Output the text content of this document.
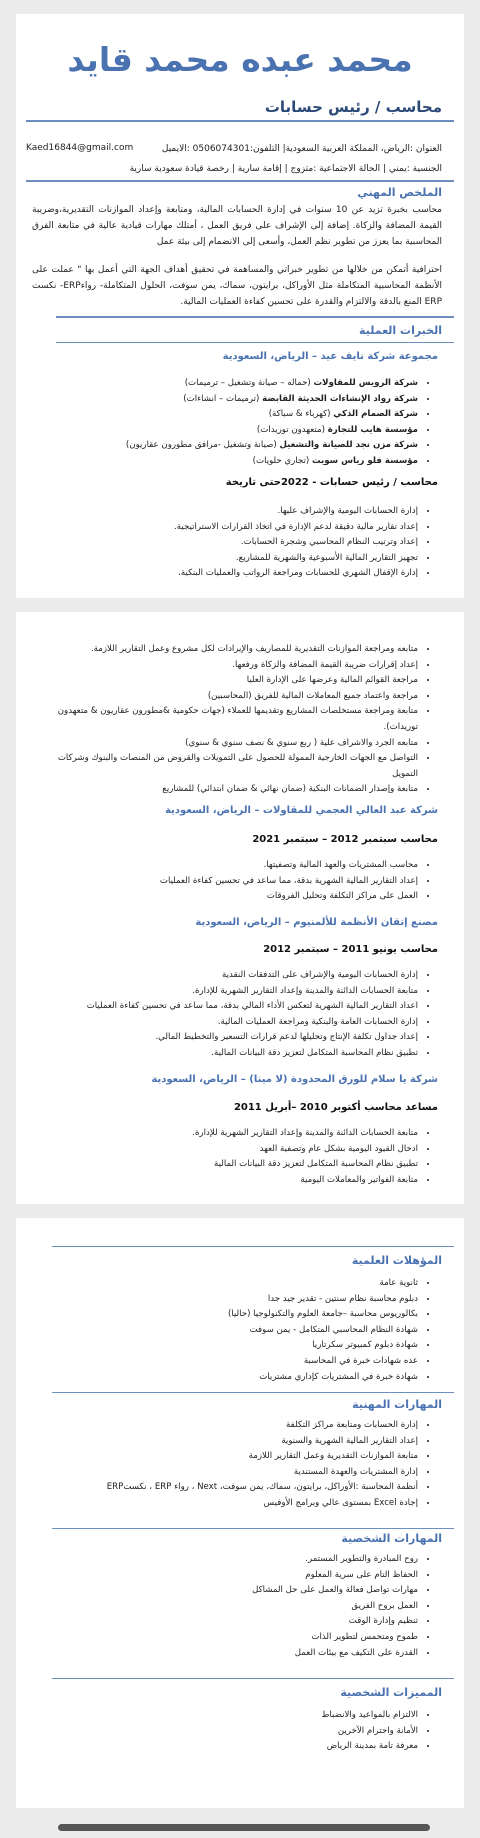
محمد عبده محمد قايد
محاسب / رئيس حسابات
العنوان :الرياض، المملكة العربية السعودية| التلفون:0506074301 :الايميل
Kaed16844@gmail.com
الجنسية :يمني | الحالة الاجتماعية :متزوج | إقامة سارية | رخصة قيادة سعودية سارية
الملخص المهني
محاسب بخبرة تزيد عن 10 سنوات في إدارة الحسابات المالية، ومتابعة وإعداد الموازنات التقديرية،وضريبة القيمة المضافة والزكاة. إضافة إلى الإشراف على فريق العمل ، أمتلك مهارات قيادية عالية في متابعة الفرق المحاسبية بما يعزز من تطوير نظم العمل، وأسعى إلى الانضمام إلى بيئة عمل
احترافية أتمكن من خلالها من تطوير خبراتي والمساهمة في تحقيق أهداف الجهة التي أعمل بها " عملت على الأنظمة المحاسبية المتكاملة مثل الأوراكل، برايتون، سماك، يمن سوفت، الحلول المتكاملة- رواءERP- نكست ERP المنع بالدقة والالتزام والقدرة على تحسين كفاءة العمليات المالية.
الخبرات العملية
مجموعة شركة نايف عيد – الرياض، السعودية
• شركة الرويس للمقاولات (حماله – صيانة وتشغيل – ترميمات)
• شركة رواد الإنشاءات الحديثة القابضة (ترميمات – انشاءات)
• شركة الصمام الذكي (كهرباء & سباكة)
• مؤسسة هايب للتجارة (متعهدون توريدات)
• شركة مزن نجد للصيانة والتشغيل (صيانة وتشغيل -مرافق مطورون عقاريون)
• مؤسسة فلو رياس سويت (تجاري حلويات)
محاسب / رئيس حسابات - 2022حتى تاريخة
• إدارة الحسابات اليومية والإشراف عليها.
• إعداد تقارير مالية دقيقة لدعم الإدارة في اتخاذ القرارات الاستراتيجية.
• إعداد وترتيب النظام المحاسبي وشجرة الحسابات.
• تجهيز التقارير المالية الأسبوعية والشهرية للمشاريع.
• إدارة الإقفال الشهري للحسابات ومراجعة الرواتب والعمليات البنكية.
• متابعه ومراجعة الموازنات التقديرية للمصاريف والإيرادات لكل مشروع وعمل التقارير اللازمة.
• إعداد إقرارات ضريبة القيمة المضافة والزكاة ورفعها.
• مراجعة القوائم المالية وعرضها على الإدارة العليا
• مراجعة واعتماد جميع المعاملات المالية للفريق (المحاسبين)
• متابعة ومراجعة مستخلصات المشاريع وتقديمها للعملاء (جهات حكومية &مطورون عقاريون & متعهدون توريدات).
• متابعه الجرد والاشراف علية ( ربع سنوي & نصف سنوي & سنوي)
• التواصل مع الجهات الخارجية الممولة للحصول على التمويلات والقروض من المنصات والبنوك وشركات التمويل
• متابعة وإصدار الضمانات البنكية (ضمان نهائي & ضمان ابتدائي) للمشاريع
شركة عبد العالي العجمي للمقاولات – الرياض، السعودية
محاسب سبتمبر 2012 – سبتمبر 2021
• محاسب المشتريات والعهد المالية وتصفيتها.
• إعداد التقارير المالية الشهرية بدقة، مما ساعد في تحسين كفاءة العمليات
• العمل على مراكز التكلفة وتحليل الفروقات
مصنع إتقان الأنظمة للألمنيوم – الرياض، السعودية
محاسب يونيو 2011 – سبتمبر 2012
• إدارة الحسابات اليومية والإشراف على التدفقات النقدية
• متابعة الحسابات الدائنة والمدينة وإعداد التقارير الشهرية للإدارة.
• اعداد التقارير المالية الشهرية لتعكس الأداء المالي بدقة، مما ساعد في تحسين كفاءة العمليات
• إدارة الحسابات العامة والبنكية ومراجعة العمليات المالية.
• إعداد جداول تكلفة الإنتاج وتحليلها لدعم قرارات التسعير والتخطيط المالي.
• تطبيق نظام المحاسبة المتكامل لتعزيز دقة البيانات المالية.
شركة يا سلام للورق المحدودة (لا مينا) – الرياض، السعودية
مساعد محاسب أكتوبر 2010 –أبريل 2011
• متابعة الحسابات الدائنة والمدينة وإعداد التقارير الشهرية للإدارة.
• ادخال القيود اليومية بشكل عام وتصفية العهد
• تطبيق نظام المحاسبة المتكامل لتعزيز دقة البيانات المالية
• متابعة الفواتير والمعاملات اليومية
المؤهلات العلمية
• ثانوية عامة
• دبلوم محاسبة نظام سنتين - تقدير جيد جدا
• بكالوريوس محاسبة –جامعة العلوم والتكنولوجيا (حاليا)
• شهادة النظام المحاسبي المتكامل - يمن سوفت
• شهادة دبلوم كمبيوتر سكرتاريا
• عده شهادات خبرة في المحاسبة
• شهادة خبرة في المشتريات كإداري مشتريات
المهارات المهنية
• إدارة الحسابات ومتابعة مراكز التكلفة
• إعداد التقارير المالية الشهرية والسنوية
• متابعة الموازنات التقديرية وعمل التقارير اللازمة
• إدارة المشتريات والعهدة المستندية
• أنظمة المحاسبة :الأوراكل، برايتون، سماك، يمن سوفت، Next ، رواء ERP ، نكستERP
• إجادة Excel بمستوى عالي وبرامج الأوفيس
المهارات الشخصية
• روح المبادرة والتطوير المستمر.
• الحفاظ التام على سرية المعلوم
• مهارات تواصل فعالة والعمل على حل المشاكل
• العمل بروح الفريق
• تنظيم وإدارة الوقت
• طموح ومتحمس لتطوير الذات
• القدرة على التكيف مع بيئات العمل
المميزات الشخصية
• الالتزام بالمواعيد والانضباط
• الأمانة واحترام الآخرين
• معرفة تامة بمدينة الرياض
